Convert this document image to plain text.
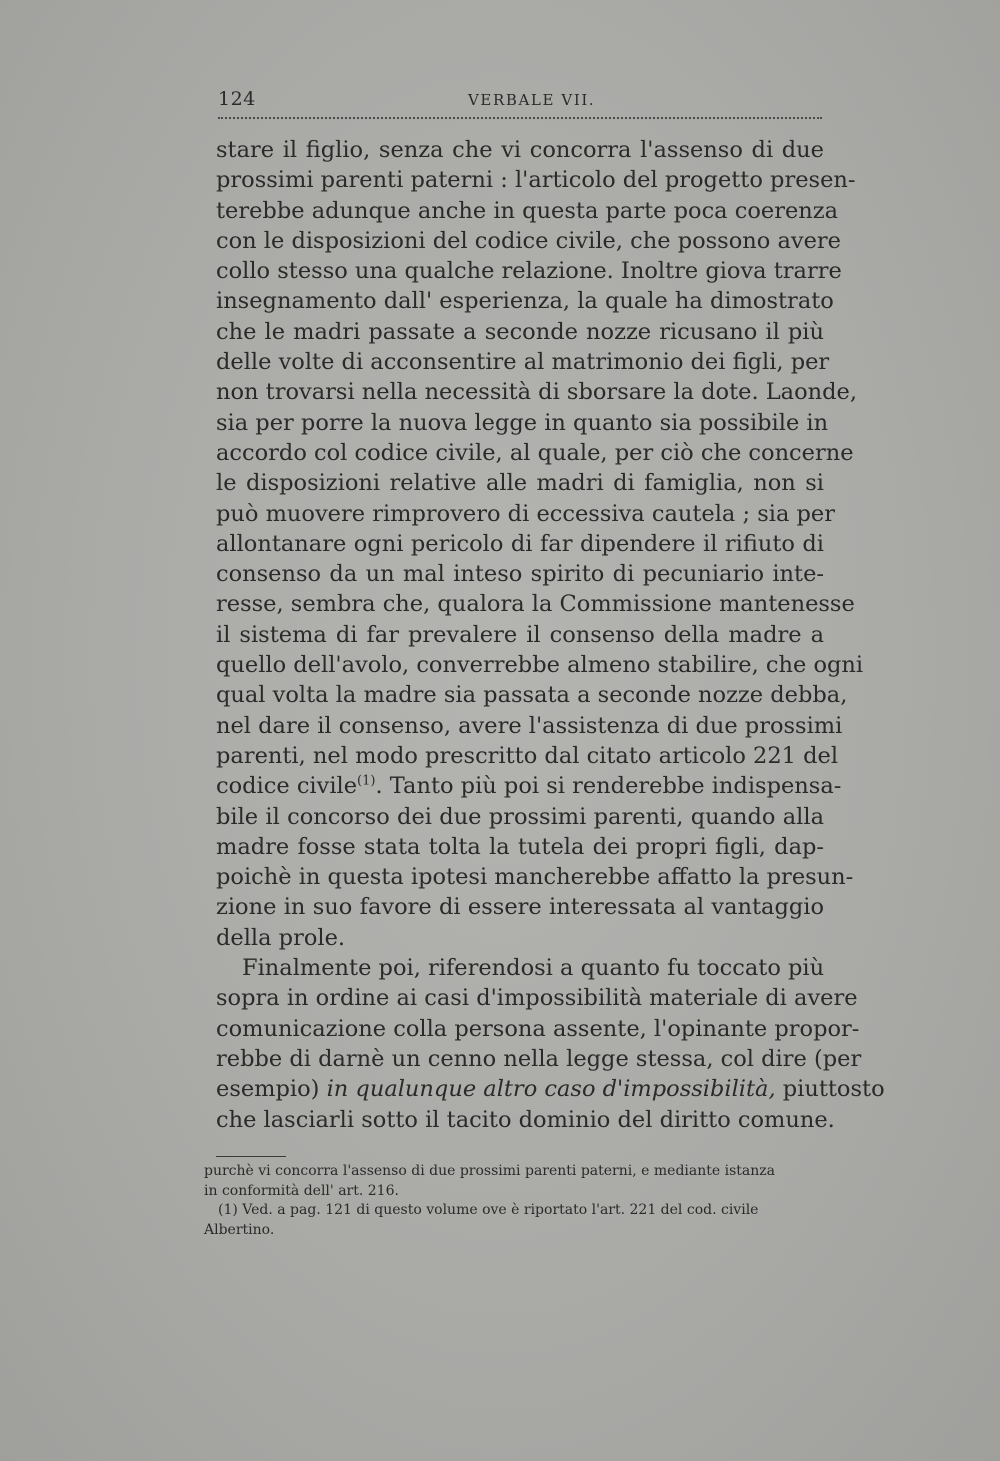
124	VERBALE VII.
stare il figlio, senza che vi concorra l'assenso di due
prossimi parenti paterni : l'articolo del progetto presen-
terebbe adunque anche in questa parte poca coerenza
con le disposizioni del codice civile, che possono avere
collo stesso una qualche relazione. Inoltre giova trarre
insegnamento dall' esperienza, la quale ha dimostrato
che le madri passate a seconde nozze ricusano il più
delle volte di acconsentire al matrimonio dei figli, per
non trovarsi nella necessità di sborsare la dote. Laonde,
sia per porre la nuova legge in quanto sia possibile in
accordo col codice civile, al quale, per ciò che concerne
le disposizioni relative alle madri di famiglia, non si
può muovere rimprovero di eccessiva cautela ; sia per
allontanare ogni pericolo di far dipendere il rifiuto di
consenso da un mal inteso spirito di pecuniario inte-
resse, sembra che, qualora la Commissione mantenesse
il sistema di far prevalere il consenso della madre a
quello dell'avolo, converrebbe almeno stabilire, che ogni
qual volta la madre sia passata a seconde nozze debba,
nel dare il consenso, avere l'assistenza di due prossimi
parenti, nel modo prescritto dal citato articolo 221 del
codice civile$^{(1)}$. Tanto più poi si renderebbe indispensa-
bile il concorso dei due prossimi parenti, quando alla
madre fosse stata tolta la tutela dei propri figli, dap-
poichè in questa ipotesi mancherebbe affatto la presun-
zione in suo favore di essere interessata al vantaggio
della prole.
Finalmente poi, riferendosi a quanto fu toccato più
sopra in ordine ai casi d'impossibilità materiale di avere
comunicazione colla persona assente, l'opinante propor-
rebbe di darnè un cenno nella legge stessa, col dire (per
esempio) in qualunque altro caso d'impossibilità, piuttosto
che lasciarli sotto il tacito dominio del diritto comune.
purchè vi concorra l'assenso di due prossimi parenti paterni, e mediante istanza
in conformità dell' art. 216.
(1) Ved. a pag. 121 di questo volume ove è riportato l'art. 221 del cod. civile
Albertino.
